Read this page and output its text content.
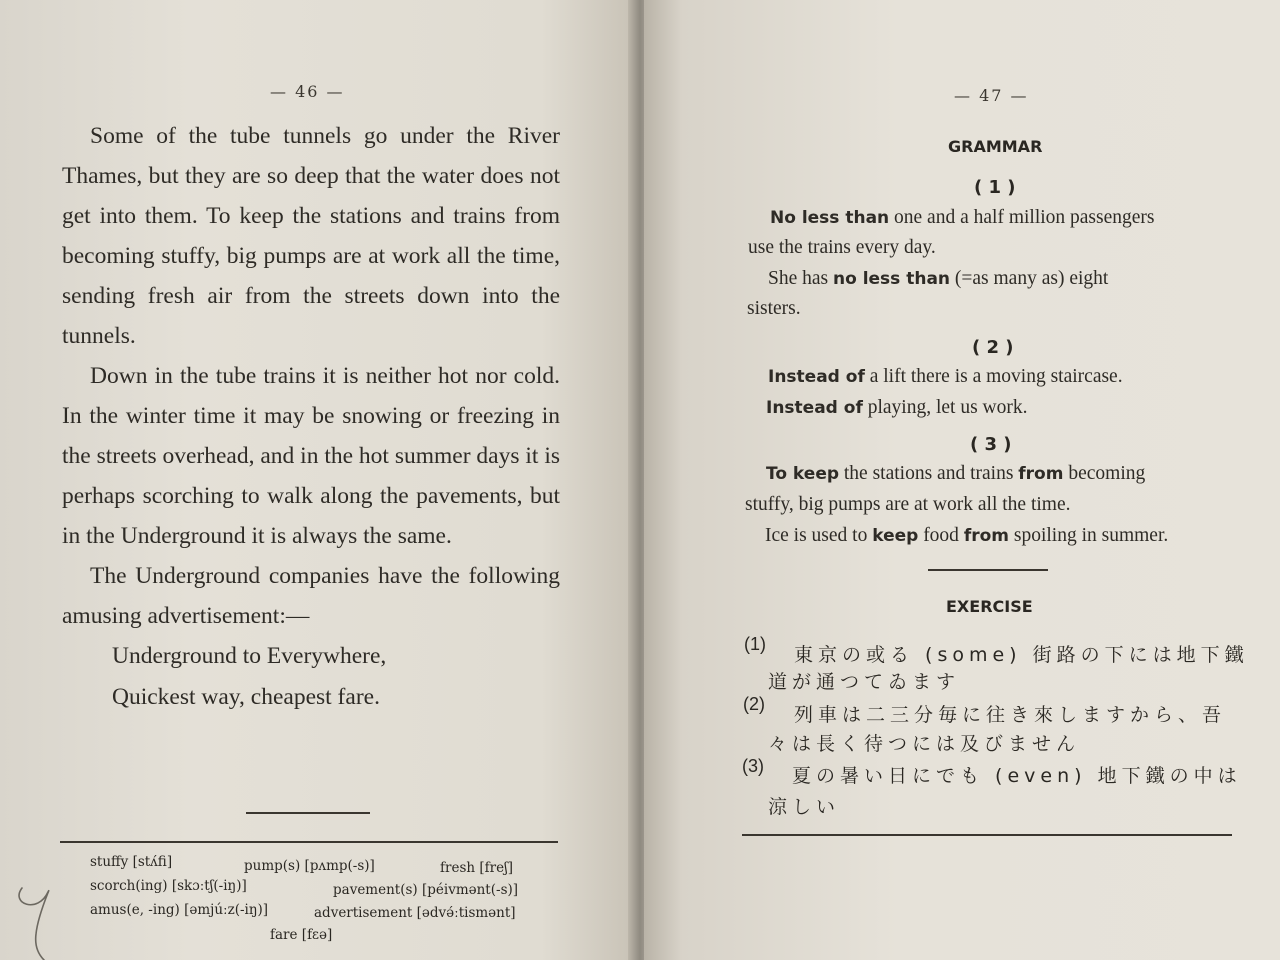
— 46 —

Some of the tube tunnels go under the River Thames, but they are so deep that the water does not get into them. To keep the stations and trains from becoming stuffy, big pumps are at work all the time, sending fresh air from the streets down into the tunnels.

Down in the tube trains it is neither hot nor cold. In the winter time it may be snowing or freezing in the streets overhead, and in the hot summer days it is perhaps scorching to walk along the pavements, but in the Underground it is always the same.

The Underground companies have the following amusing advertisement:—

Underground to Everywhere,
Quickest way, cheapest fare.
stuffy [stʌ́fi]	pump(s) [pʌmp(-s)]	fresh [freʃ]
scorch(ing) [skɔːtʃ(-iŋ)]	pavement(s) [péivmənt(-s)]
amus(e, -ing) [əmjúːz(-iŋ)]	advertisement [ədvə́ːtismənt]
fare [fɛə]
— 47 —
GRAMMAR
( 1 )
No less than one and a half million passengers
use the trains every day.
She has no less than (=as many as) eight
sisters.
( 2 )
Instead of a lift there is a moving staircase.
Instead of playing, let us work.
( 3 )
To keep the stations and trains from becoming
stuffy, big pumps are at work all the time.
Ice is used to keep food from spoiling in summer.
EXERCISE
(1) 東京の或る (some) 街路の下には地下鐵
道が通つてゐます
(2) 列車は二三分毎に往き來しますから、吾
々は長く待つには及びません
(3) 夏の暑い日にでも (even) 地下鐵の中は
涼しい
